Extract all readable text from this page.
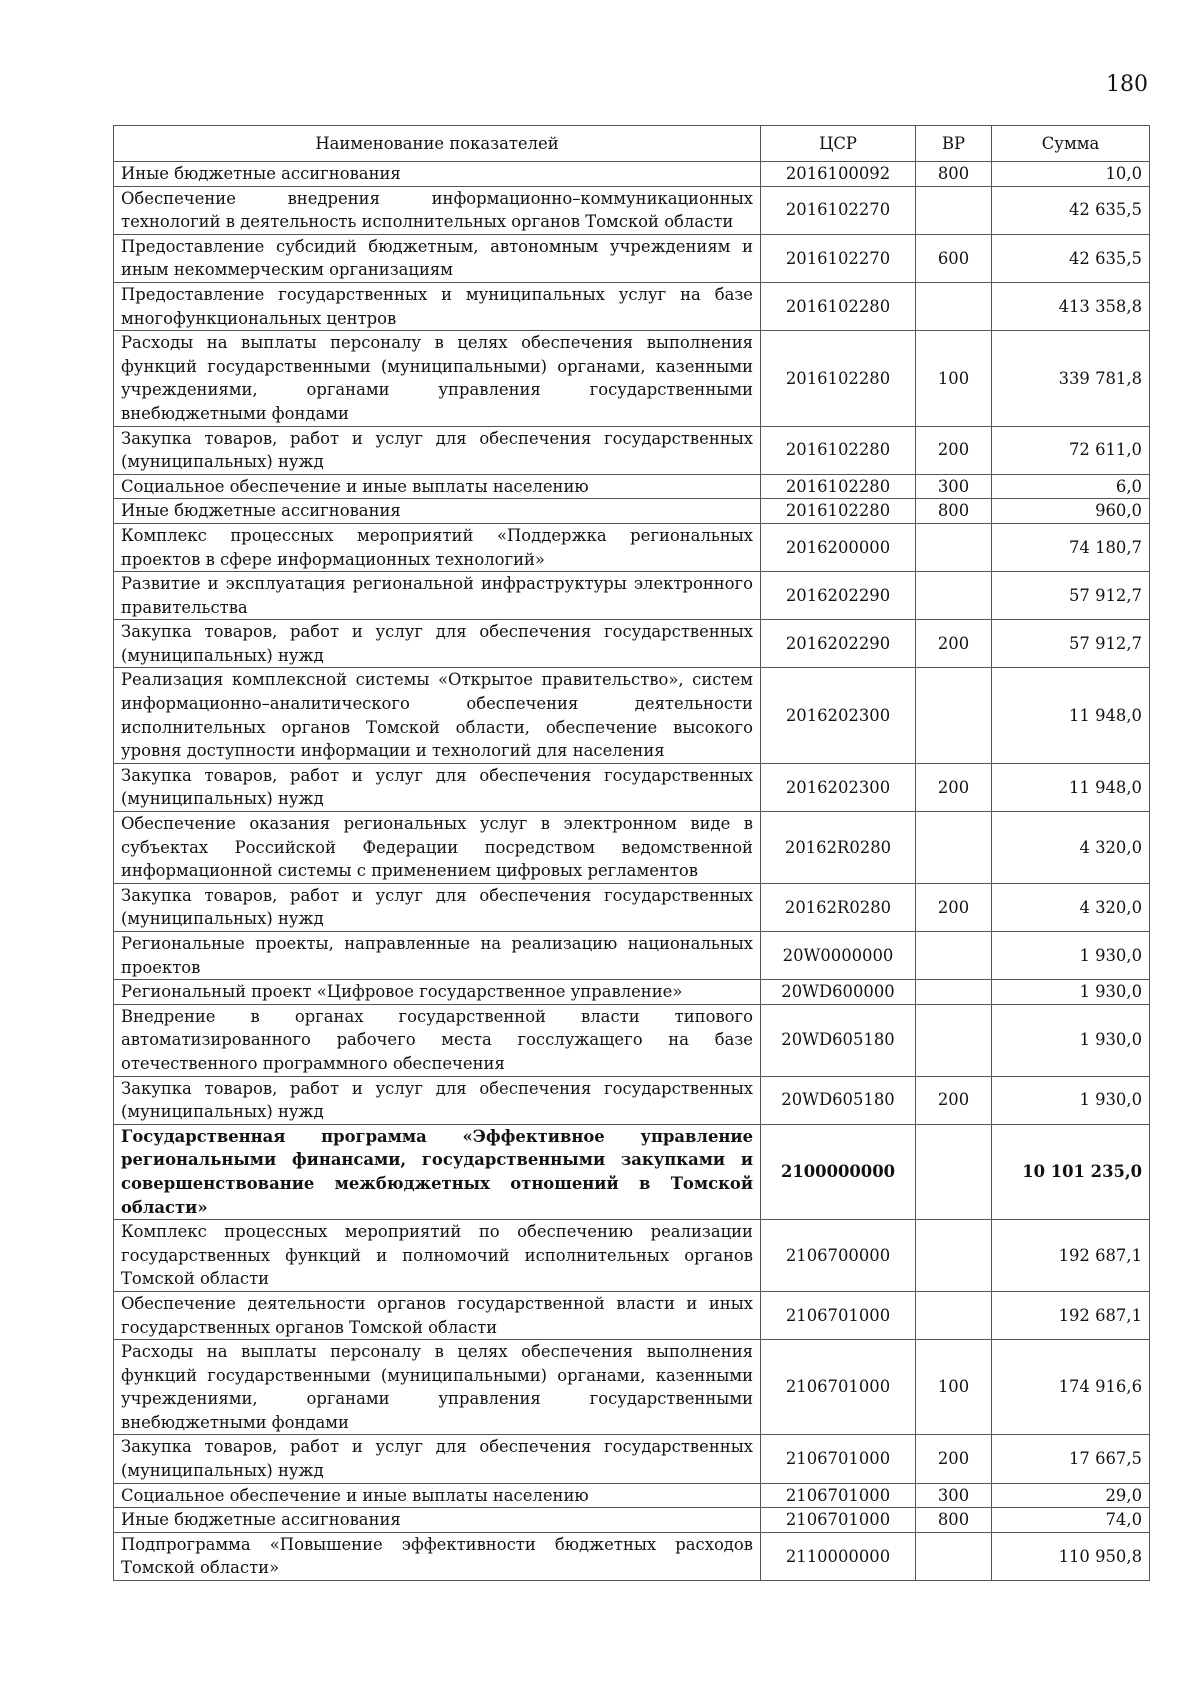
180
Наименование показателей	ЦСР	ВР	Сумма
Иные бюджетные ассигнования	2016100092	800	10,0
Обеспечение внедрения информационно–коммуникационных технологий в деятельность исполнительных органов Томской области	2016102270		42 635,5
Предоставление субсидий бюджетным, автономным учреждениям и иным некоммерческим организациям	2016102270	600	42 635,5
Предоставление государственных и муниципальных услуг на базе многофункциональных центров	2016102280		413 358,8
Расходы на выплаты персоналу в целях обеспечения выполнения функций государственными (муниципальными) органами, казенными учреждениями, органами управления государственными внебюджетными фондами	2016102280	100	339 781,8
Закупка товаров, работ и услуг для обеспечения государственных (муниципальных) нужд	2016102280	200	72 611,0
Социальное обеспечение и иные выплаты населению	2016102280	300	6,0
Иные бюджетные ассигнования	2016102280	800	960,0
Комплекс процессных мероприятий «Поддержка региональных проектов в сфере информационных технологий»	2016200000		74 180,7
Развитие и эксплуатация региональной инфраструктуры электронного правительства	2016202290		57 912,7
Закупка товаров, работ и услуг для обеспечения государственных (муниципальных) нужд	2016202290	200	57 912,7
Реализация комплексной системы «Открытое правительство», систем информационно–аналитического обеспечения деятельности исполнительных органов Томской области, обеспечение высокого уровня доступности информации и технологий для населения	2016202300		11 948,0
Закупка товаров, работ и услуг для обеспечения государственных (муниципальных) нужд	2016202300	200	11 948,0
Обеспечение оказания региональных услуг в электронном виде в субъектах Российской Федерации посредством ведомственной информационной системы с применением цифровых регламентов	20162R0280		4 320,0
Закупка товаров, работ и услуг для обеспечения государственных (муниципальных) нужд	20162R0280	200	4 320,0
Региональные проекты, направленные на реализацию национальных проектов	20W0000000		1 930,0
Региональный проект «Цифровое государственное управление»	20WD600000		1 930,0
Внедрение в органах государственной власти типового автоматизированного рабочего места госслужащего на базе отечественного программного обеспечения	20WD605180		1 930,0
Закупка товаров, работ и услуг для обеспечения государственных (муниципальных) нужд	20WD605180	200	1 930,0
Государственная программа «Эффективное управление региональными финансами, государственными закупками и совершенствование межбюджетных отношений в Томской области»	2100000000		10 101 235,0
Комплекс процессных мероприятий по обеспечению реализации государственных функций и полномочий исполнительных органов Томской области	2106700000		192 687,1
Обеспечение деятельности органов государственной власти и иных государственных органов Томской области	2106701000		192 687,1
Расходы на выплаты персоналу в целях обеспечения выполнения функций государственными (муниципальными) органами, казенными учреждениями, органами управления государственными внебюджетными фондами	2106701000	100	174 916,6
Закупка товаров, работ и услуг для обеспечения государственных (муниципальных) нужд	2106701000	200	17 667,5
Социальное обеспечение и иные выплаты населению	2106701000	300	29,0
Иные бюджетные ассигнования	2106701000	800	74,0
Подпрограмма «Повышение эффективности бюджетных расходов Томской области»	2110000000		110 950,8
